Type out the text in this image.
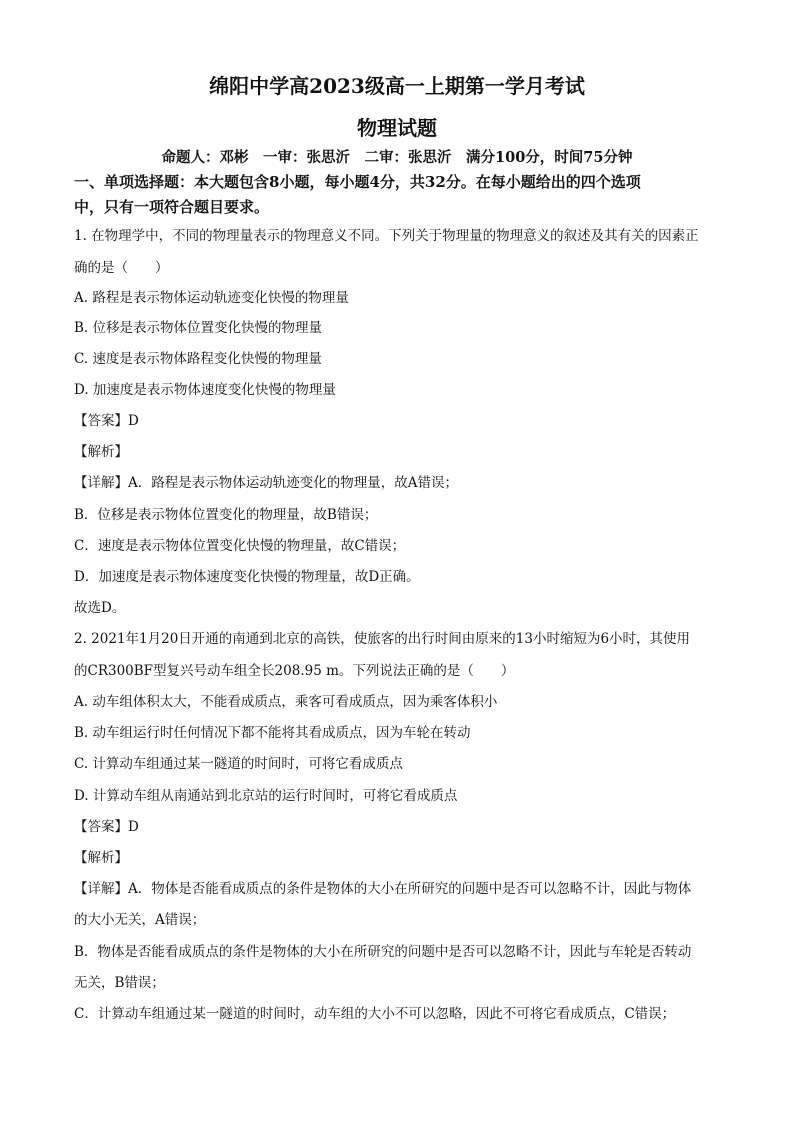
绵阳中学高2023级高一上期第一学月考试
物理试题
命题人：邓彬　一审：张思沂　二审：张思沂　满分100分，时间75分钟
一、单项选择题：本大题包含8小题，每小题4分，共32分。在每小题给出的四个选项
中，只有一项符合题目要求。
1. 在物理学中，不同的物理量表示的物理意义不同。下列关于物理量的物理意义的叙述及其有关的因素正
确的是（　　）
A. 路程是表示物体运动轨迹变化快慢的物理量
B. 位移是表示物体位置变化快慢的物理量
C. 速度是表示物体路程变化快慢的物理量
D. 加速度是表示物体速度变化快慢的物理量
【答案】D
【解析】
【详解】A．路程是表示物体运动轨迹变化的物理量，故A错误；
B．位移是表示物体位置变化的物理量，故B错误；
C．速度是表示物体位置变化快慢的物理量，故C错误；
D．加速度是表示物体速度变化快慢的物理量，故D正确。
故选D。
2. 2021年1月20日开通的南通到北京的高铁，使旅客的出行时间由原来的13小时缩短为6小时，其使用
的CR300BF型复兴号动车组全长208.95 m。下列说法正确的是（　　）
A. 动车组体积太大，不能看成质点，乘客可看成质点，因为乘客体积小
B. 动车组运行时任何情况下都不能将其看成质点，因为车轮在转动
C. 计算动车组通过某一隧道的时间时，可将它看成质点
D. 计算动车组从南通站到北京站的运行时间时，可将它看成质点
【答案】D
【解析】
【详解】A．物体是否能看成质点的条件是物体的大小在所研究的问题中是否可以忽略不计，因此与物体
的大小无关，A错误；
B．物体是否能看成质点的条件是物体的大小在所研究的问题中是否可以忽略不计，因此与车轮是否转动
无关，B错误；
C．计算动车组通过某一隧道的时间时，动车组的大小不可以忽略，因此不可将它看成质点，C错误；
